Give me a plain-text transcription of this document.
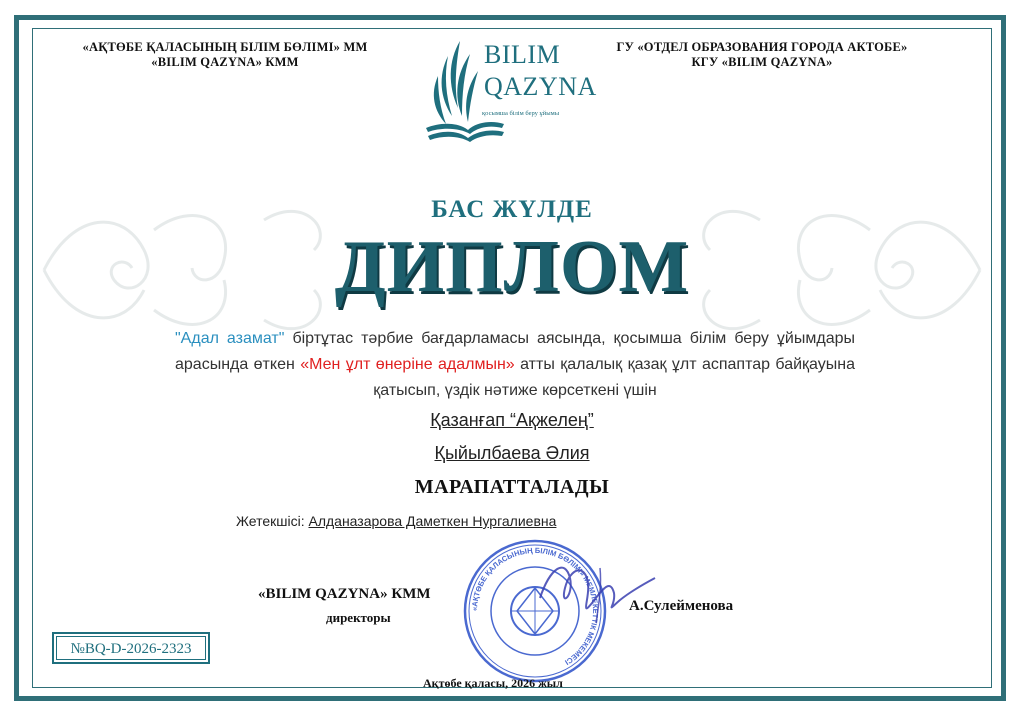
«АҚТӨБЕ ҚАЛАСЫНЫҢ БІЛІМ БӨЛІМІ» ММ
«BILIM QAZYNA» КММ
ГУ «ОТДЕЛ ОБРАЗОВАНИЯ ГОРОДА АКТОБЕ»
КГУ «BILIM QAZYNA»
BILIM
QAZYNA
қосымша білім беру ұйымы
БАС ЖҮЛДЕ
ДИПЛОМ
"Адал азамат" біртұтас тәрбие бағдарламасы аясында, қосымша білім беру ұйымдары арасында өткен «Мен ұлт өнеріне адалмын» атты қалалық қазақ ұлт аспаптар байқауына қатысып, үздік нәтиже көрсеткені үшін
Қазанғап “Ақжелең”
Қыйылбаева Әлия
МАРАПАТТАЛАДЫ
Жетекшісі: Алданазарова Даметкен Нургалиевна
«BILIM QAZYNA» КММ
директоры
А.Сулейменова
«АҚТӨБЕ ҚАЛАСЫНЫҢ БІЛІМ БӨЛІМІ» МЕМЛЕКЕТТІК МЕКЕМЕСІ
Ақтөбе қаласы, 2026 жыл
№BQ-D-2026-2323
